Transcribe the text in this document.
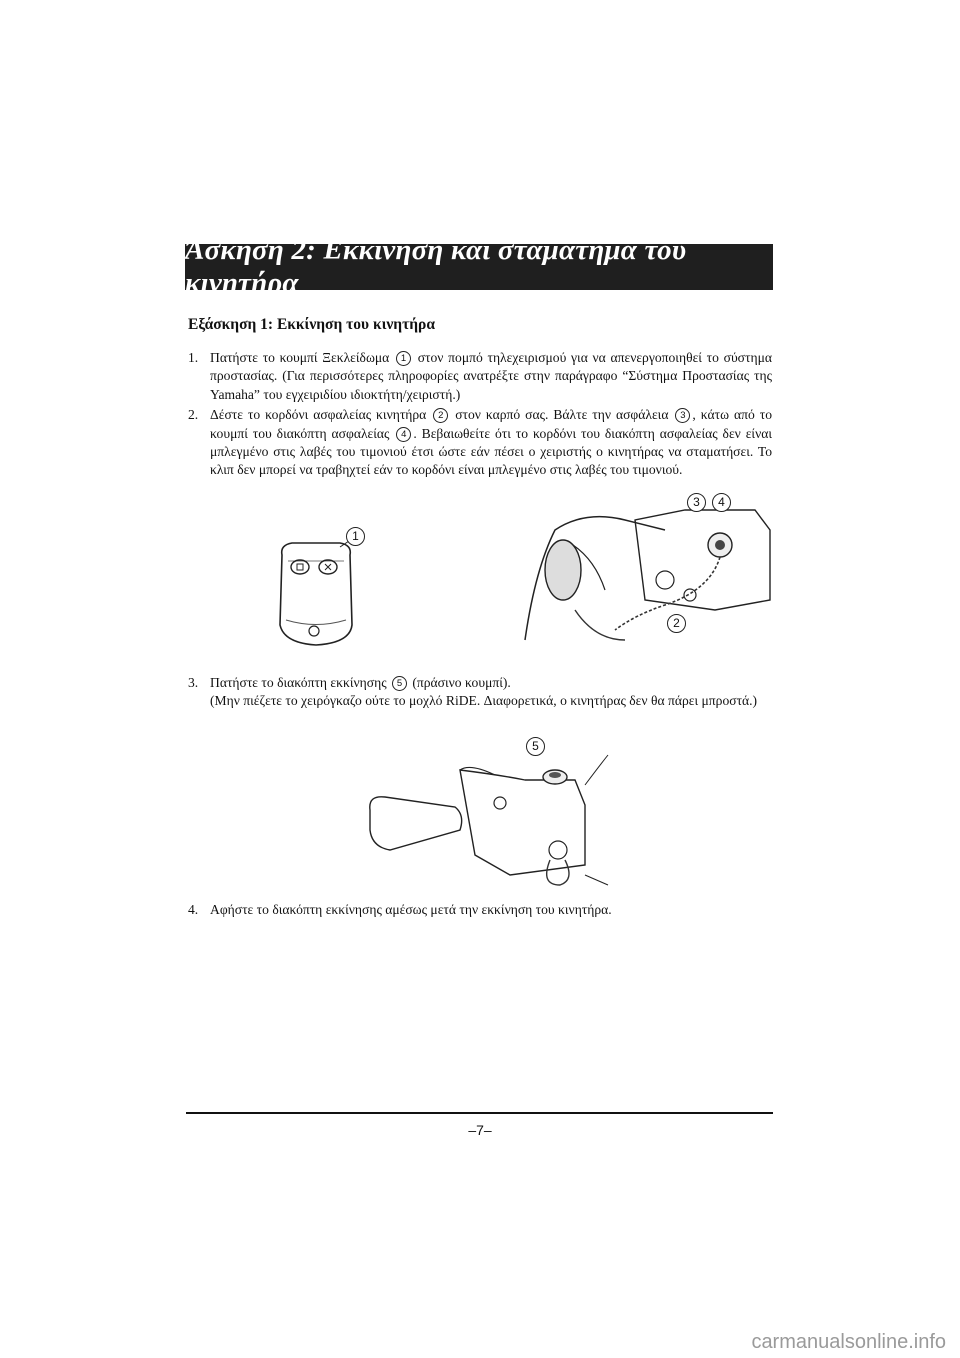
Άσκηση 2: Εκκίνηση και σταμάτημα του κινητήρα
Εξάσκηση 1: Εκκίνηση του κινητήρα

1. Πατήστε το κουμπί Ξεκλείδωμα 1 στον πομπό τηλεχειρισμού για να απενεργοποιηθεί το σύστημα προστασίας. (Για περισσότερες πληροφορίες ανατρέξτε στην παράγραφο “Σύστημα Προστασίας της Yamaha” του εγχειριδίου ιδιοκτήτη/χειριστή.)

2. Δέστε το κορδόνι ασφαλείας κινητήρα 2 στον καρπό σας. Βάλτε την ασφάλεια 3 , κάτω από το κουμπί του διακόπτη ασφαλείας 4 . Βεβαιωθείτε ότι το κορδόνι του διακόπτη ασφαλείας δεν είναι μπλεγμένο στις λαβές του τιμονιού έτσι ώστε εάν πέσει ο χειριστής ο κινητήρας να σταματήσει. Το κλιπ δεν μπορεί να τραβηχτεί εάν το κορδόνι είναι μπλεγμένο στις λαβές του τιμονιού.

1
3	4
2

3. Πατήστε το διακόπτη εκκίνησης 5 (πράσινο κουμπί).
(Μην πιέζετε το χειρόγκαζο ούτε το μοχλό RiDE. Διαφορετικά, ο κινητήρας δεν θα πάρει μπροστά.)

5

4. Αφήστε το διακόπτη εκκίνησης αμέσως μετά την εκκίνηση του κινητήρα.

–7–
carmanualsonline.info
